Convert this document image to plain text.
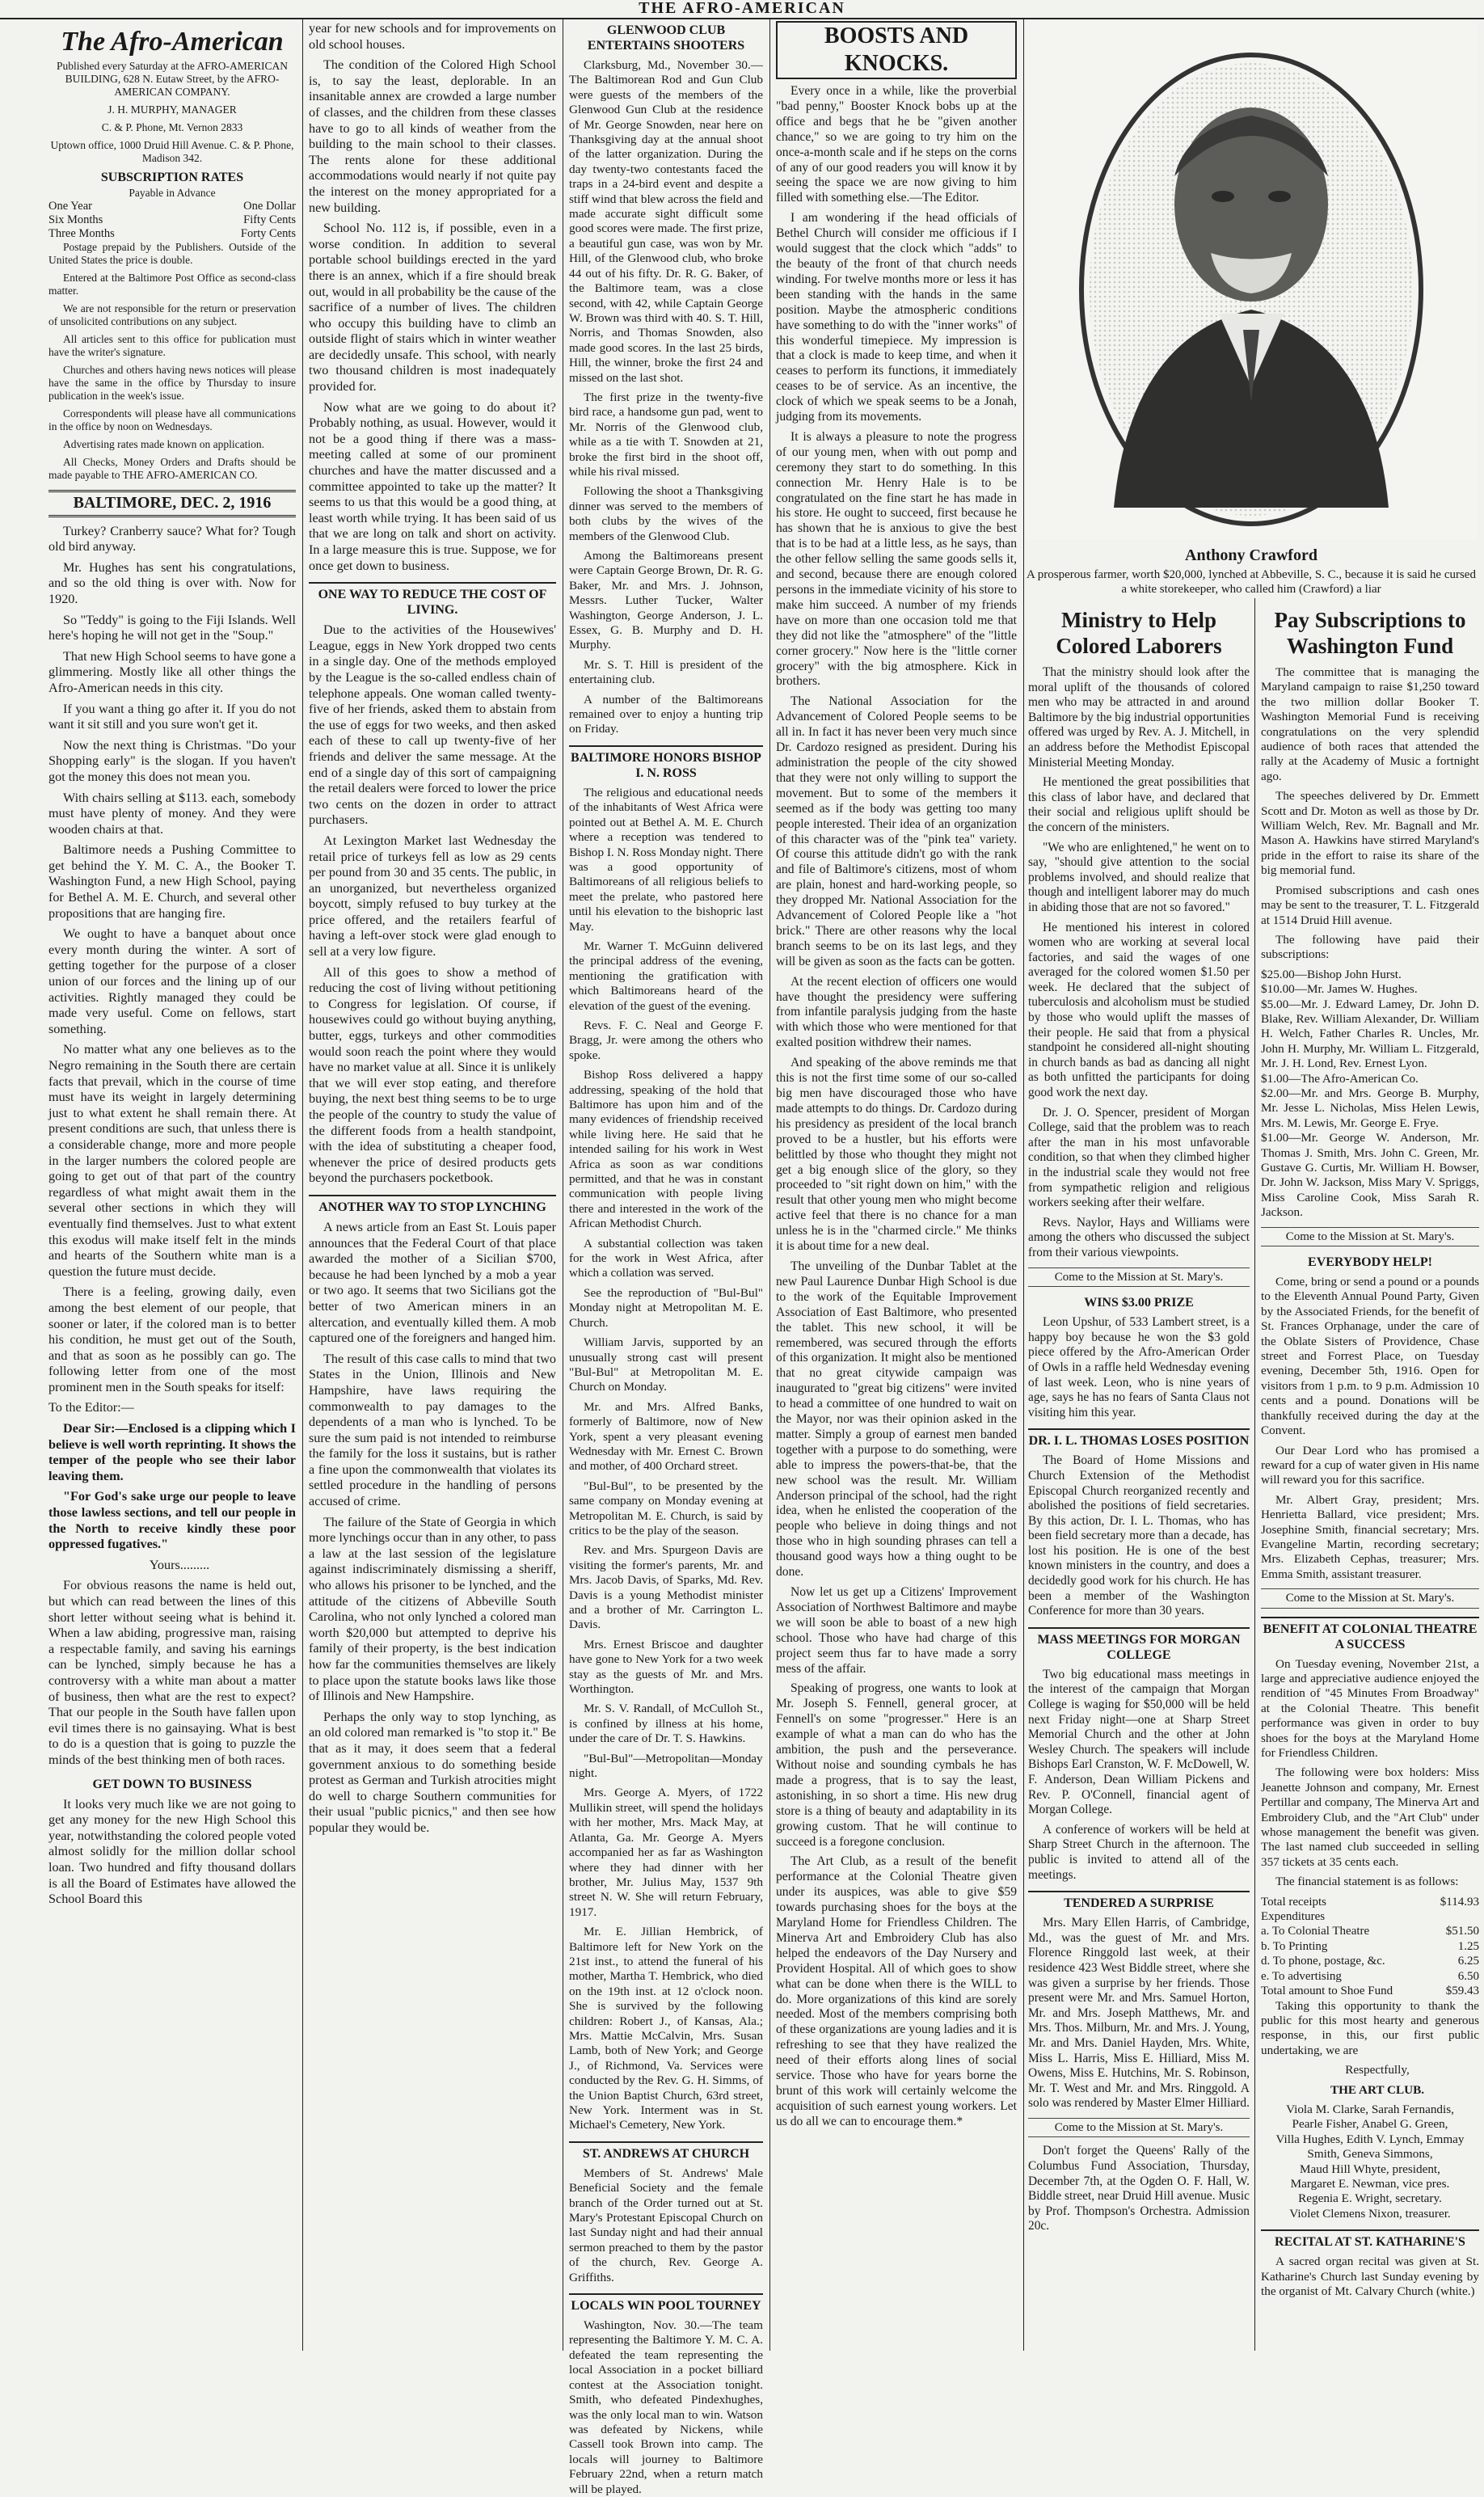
THE AFRO-AMERICAN
The Afro-American

Published every Saturday at the AFRO-AMERICAN BUILDING, 628 N. Eutaw Street, by the AFRO-AMERICAN COMPANY.

J. H. MURPHY, MANAGER

C. & P. Phone, Mt. Vernon 2833

Uptown office, 1000 Druid Hill Avenue. C. & P. Phone, Madison 342.

SUBSCRIPTION RATES
Payable in Advance
One Year	One Dollar
Six Months	Fifty Cents
Three Months	Forty Cents

Postage prepaid by the Publishers. Outside of the United States the price is double.

Entered at the Baltimore Post Office as second-class matter.

We are not responsible for the return or preservation of unsolicited contributions on any subject.

All articles sent to this office for publication must have the writer's signature.

Churches and others having news notices will please have the same in the office by Thursday to insure publication in the week's issue.

Correspondents will please have all communications in the office by noon on Wednesdays.

Advertising rates made known on application.

All Checks, Money Orders and Drafts should be made payable to THE AFRO-AMERICAN CO.

BALTIMORE, DEC. 2, 1916

Turkey? Cranberry sauce? What for? Tough old bird anyway.

Mr. Hughes has sent his congratulations, and so the old thing is over with. Now for 1920.

So "Teddy" is going to the Fiji Islands. Well here's hoping he will not get in the "Soup."

That new High School seems to have gone a glimmering. Mostly like all other things the Afro-American needs in this city.

If you want a thing go after it. If you do not want it sit still and you sure won't get it.

Now the next thing is Christmas. "Do your Shopping early" is the slogan. If you haven't got the money this does not mean you.

With chairs selling at $113. each, somebody must have plenty of money. And they were wooden chairs at that.

Baltimore needs a Pushing Committee to get behind the Y. M. C. A., the Booker T. Washington Fund, a new High School, paying for Bethel A. M. E. Church, and several other propositions that are hanging fire.

We ought to have a banquet about once every month during the winter. A sort of getting together for the purpose of a closer union of our forces and the lining up of our activities. Rightly managed they could be made very useful. Come on fellows, start something.

No matter what any one believes as to the Negro remaining in the South there are certain facts that prevail, which in the course of time must have its weight in largely determining just to what extent he shall remain there. At present conditions are such, that unless there is a considerable change, more and more people in the larger numbers the colored people are going to get out of that part of the country regardless of what might await them in the several other sections in which they will eventually find themselves. Just to what extent this exodus will make itself felt in the minds and hearts of the Southern white man is a question the future must decide.

There is a feeling, growing daily, even among the best element of our people, that sooner or later, if the colored man is to better his condition, he must get out of the South, and that as soon as he possibly can go. The following letter from one of the most prominent men in the South speaks for itself:

To the Editor:—

Dear Sir:—Enclosed is a clipping which I believe is well worth reprinting. It shows the temper of the people who see their labor leaving them.

"For God's sake urge our people to leave those lawless sections, and tell our people in the North to receive kindly these poor oppressed fugatives."

Yours.........

For obvious reasons the name is held out, but which can read between the lines of this short letter without seeing what is behind it. When a law abiding, progressive man, raising a respectable family, and saving his earnings can be lynched, simply because he has a controversy with a white man about a matter of business, then what are the rest to expect? That our people in the South have fallen upon evil times there is no gainsaying. What is best to do is a question that is going to puzzle the minds of the best thinking men of both races.

GET DOWN TO BUSINESS

It looks very much like we are not going to get any money for the new High School this year, notwithstanding the colored people voted almost solidly for the million dollar school loan. Two hundred and fifty thousand dollars is all the Board of Estimates have allowed the School Board this

year for new schools and for improvements on old school houses.

The condition of the Colored High School is, to say the least, deplorable. In an insanitable annex are crowded a large number of classes, and the children from these classes have to go to all kinds of weather from the building to the main school to their classes. The rents alone for these additional accommodations would nearly if not quite pay the interest on the money appropriated for a new building.

School No. 112 is, if possible, even in a worse condition. In addition to several portable school buildings erected in the yard there is an annex, which if a fire should break out, would in all probability be the cause of the sacrifice of a number of lives. The children who occupy this building have to climb an outside flight of stairs which in winter weather are decidedly unsafe. This school, with nearly two thousand children is most inadequately provided for.

Now what are we going to do about it? Probably nothing, as usual. However, would it not be a good thing if there was a mass-meeting called at some of our prominent churches and have the matter discussed and a committee appointed to take up the matter? It seems to us that this would be a good thing, at least worth while trying. It has been said of us that we are long on talk and short on activity. In a large measure this is true. Suppose, we for once get down to business.

ONE WAY TO REDUCE THE COST OF LIVING.

Due to the activities of the Housewives' League, eggs in New York dropped two cents in a single day. One of the methods employed by the League is the so-called endless chain of telephone appeals. One woman called twenty-five of her friends, asked them to abstain from the use of eggs for two weeks, and then asked each of these to call up twenty-five of her friends and deliver the same message. At the end of a single day of this sort of campaigning the retail dealers were forced to lower the price two cents on the dozen in order to attract purchasers.

At Lexington Market last Wednesday the retail price of turkeys fell as low as 29 cents per pound from 30 and 35 cents. The public, in an unorganized, but nevertheless organized boycott, simply refused to buy turkey at the price offered, and the retailers fearful of having a left-over stock were glad enough to sell at a very low figure.

All of this goes to show a method of reducing the cost of living without petitioning to Congress for legislation. Of course, if housewives could go without buying anything, butter, eggs, turkeys and other commodities would soon reach the point where they would have no market value at all. Since it is unlikely that we will ever stop eating, and therefore buying, the next best thing seems to be to urge the people of the country to study the value of the different foods from a health standpoint, with the idea of substituting a cheaper food, whenever the price of desired products gets beyond the purchasers pocketbook.

ANOTHER WAY TO STOP LYNCHING

A news article from an East St. Louis paper announces that the Federal Court of that place awarded the mother of a Sicilian $700, because he had been lynched by a mob a year or two ago. It seems that two Sicilians got the better of two American miners in an altercation, and eventually killed them. A mob captured one of the foreigners and hanged him.

The result of this case calls to mind that two States in the Union, Illinois and New Hampshire, have laws requiring the commonwealth to pay damages to the dependents of a man who is lynched. To be sure the sum paid is not intended to reimburse the family for the loss it sustains, but is rather a fine upon the commonwealth that violates its settled procedure in the handling of persons accused of crime.

The failure of the State of Georgia in which more lynchings occur than in any other, to pass a law at the last session of the legislature against indiscriminately dismissing a sheriff, who allows his prisoner to be lynched, and the attitude of the citizens of Abbeville South Carolina, who not only lynched a colored man worth $20,000 but attempted to deprive his family of their property, is the best indication how far the communities themselves are likely to place upon the statute books laws like those of Illinois and New Hampshire.

Perhaps the only way to stop lynching, as an old colored man remarked is "to stop it." Be that as it may, it does seem that a federal government anxious to do something beside protest as German and Turkish atrocities might do well to charge Southern communities for their usual "public picnics," and then see how popular they would be.

GLENWOOD CLUB ENTERTAINS SHOOTERS

Clarksburg, Md., November 30.—The Baltimorean Rod and Gun Club were guests of the members of the Glenwood Gun Club at the residence of Mr. George Snowden, near here on Thanksgiving day at the annual shoot of the latter organization. During the day twenty-two contestants faced the traps in a 24-bird event and despite a stiff wind that blew across the field and made accurate sight difficult some good scores were made. The first prize, a beautiful gun case, was won by Mr. Hill, of the Glenwood club, who broke 44 out of his fifty. Dr. R. G. Baker, of the Baltimore team, was a close second, with 42, while Captain George W. Brown was third with 40. S. T. Hill, Norris, and Thomas Snowden, also made good scores. In the last 25 birds, Hill, the winner, broke the first 24 and missed on the last shot.

The first prize in the twenty-five bird race, a handsome gun pad, went to Mr. Norris of the Glenwood club, while as a tie with T. Snowden at 21, broke the first bird in the shoot off, while his rival missed.

Following the shoot a Thanksgiving dinner was served to the members of both clubs by the wives of the members of the Glenwood Club.

Among the Baltimoreans present were Captain George Brown, Dr. R. G. Baker, Mr. and Mrs. J. Johnson, Messrs. Luther Tucker, Walter Washington, George Anderson, J. L. Essex, G. B. Murphy and D. H. Murphy.

Mr. S. T. Hill is president of the entertaining club.

A number of the Baltimoreans remained over to enjoy a hunting trip on Friday.

BALTIMORE HONORS BISHOP I. N. ROSS

The religious and educational needs of the inhabitants of West Africa were pointed out at Bethel A. M. E. Church where a reception was tendered to Bishop I. N. Ross Monday night. There was a good opportunity of Baltimoreans of all religious beliefs to meet the prelate, who pastored here until his elevation to the bishopric last May.

Mr. Warner T. McGuinn delivered the principal address of the evening, mentioning the gratification with which Baltimoreans heard of the elevation of the guest of the evening.

Revs. F. C. Neal and George F. Bragg, Jr. were among the others who spoke.

Bishop Ross delivered a happy addressing, speaking of the hold that Baltimore has upon him and of the many evidences of friendship received while living here. He said that he intended sailing for his work in West Africa as soon as war conditions permitted, and that he was in constant communication with people living there and interested in the work of the African Methodist Church.

A substantial collection was taken for the work in West Africa, after which a collation was served.

See the reproduction of "Bul-Bul" Monday night at Metropolitan M. E. Church.

William Jarvis, supported by an unusually strong cast will present "Bul-Bul" at Metropolitan M. E. Church on Monday.

Mr. and Mrs. Alfred Banks, formerly of Baltimore, now of New York, spent a very pleasant evening Wednesday with Mr. Ernest C. Brown and mother, of 400 Orchard street.

"Bul-Bul", to be presented by the same company on Monday evening at Metropolitan M. E. Church, is said by critics to be the play of the season.

Rev. and Mrs. Spurgeon Davis are visiting the former's parents, Mr. and Mrs. Jacob Davis, of Sparks, Md. Rev. Davis is a young Methodist minister and a brother of Mr. Carrington L. Davis.

Mrs. Ernest Briscoe and daughter have gone to New York for a two week stay as the guests of Mr. and Mrs. Worthington.

Mr. S. V. Randall, of McCulloh St., is confined by illness at his home, under the care of Dr. T. S. Hawkins.

"Bul-Bul"—Metropolitan—Monday night.

Mrs. George A. Myers, of 1722 Mullikin street, will spend the holidays with her mother, Mrs. Mack May, at Atlanta, Ga. Mr. George A. Myers accompanied her as far as Washington where they had dinner with her brother, Mr. Julius May, 1537 9th street N. W. She will return February, 1917.

Mr. E. Jillian Hembrick, of Baltimore left for New York on the 21st inst., to attend the funeral of his mother, Martha T. Hembrick, who died on the 19th inst. at 12 o'clock noon. She is survived by the following children: Robert J., of Kansas, Ala.; Mrs. Mattie McCalvin, Mrs. Susan Lamb, both of New York; and George J., of Richmond, Va. Services were conducted by the Rev. G. H. Simms, of the Union Baptist Church, 63rd street, New York. Interment was in St. Michael's Cemetery, New York.

ST. ANDREWS AT CHURCH

Members of St. Andrews' Male Beneficial Society and the female branch of the Order turned out at St. Mary's Protestant Episcopal Church on last Sunday night and had their annual sermon preached to them by the pastor of the church, Rev. George A. Griffiths.

LOCALS WIN POOL TOURNEY

Washington, Nov. 30.—The team representing the Baltimore Y. M. C. A. defeated the team representing the local Association in a pocket billiard contest at the Association tonight. Smith, who defeated Pindexhughes, was the only local man to win. Watson was defeated by Nickens, while Cassell took Brown into camp. The locals will journey to Baltimore February 22nd, when a return match will be played.

BOOSTS AND KNOCKS.

Every once in a while, like the proverbial "bad penny," Booster Knock bobs up at the office and begs that he be "given another chance," so we are going to try him on the once-a-month scale and if he steps on the corns of any of our good readers you will know it by seeing the space we are now giving to him filled with something else.—The Editor.

I am wondering if the head officials of Bethel Church will consider me officious if I would suggest that the clock which "adds" to the beauty of the front of that church needs winding. For twelve months more or less it has been standing with the hands in the same position. Maybe the atmospheric conditions have something to do with the "inner works" of this wonderful timepiece. My impression is that a clock is made to keep time, and when it ceases to perform its functions, it immediately ceases to be of service. As an incentive, the clock of which we speak seems to be a Jonah, judging from its movements.

It is always a pleasure to note the progress of our young men, when with out pomp and ceremony they start to do something. In this connection Mr. Henry Hale is to be congratulated on the fine start he has made in his store. He ought to succeed, first because he has shown that he is anxious to give the best that is to be had at a little less, as he says, than the other fellow selling the same goods sells it, and second, because there are enough colored persons in the immediate vicinity of his store to make him succeed. A number of my friends have on more than one occasion told me that they did not like the "atmosphere" of the "little corner grocery." Now here is the "little corner grocery" with the big atmosphere. Kick in brothers.

The National Association for the Advancement of Colored People seems to be all in. In fact it has never been very much since Dr. Cardozo resigned as president. During his administration the people of the city showed that they were not only willing to support the movement. But to some of the members it seemed as if the body was getting too many people interested. Their idea of an organization of this character was of the "pink tea" variety. Of course this attitude didn't go with the rank and file of Baltimore's citizens, most of whom are plain, honest and hard-working people, so they dropped Mr. National Association for the Advancement of Colored People like a "hot brick." There are other reasons why the local branch seems to be on its last legs, and they will be given as soon as the facts can be gotten.

At the recent election of officers one would have thought the presidency were suffering from infantile paralysis judging from the haste with which those who were mentioned for that exalted position withdrew their names.

And speaking of the above reminds me that this is not the first time some of our so-called big men have discouraged those who have made attempts to do things. Dr. Cardozo during his presidency as president of the local branch proved to be a hustler, but his efforts were belittled by those who thought they might not get a big enough slice of the glory, so they proceeded to "sit right down on him," with the result that other young men who might become active feel that there is no chance for a man unless he is in the "charmed circle." Me thinks it is about time for a new deal.

The unveiling of the Dunbar Tablet at the new Paul Laurence Dunbar High School is due to the work of the Equitable Improvement Association of East Baltimore, who presented the tablet. This new school, it will be remembered, was secured through the efforts of this organization. It might also be mentioned that no great citywide campaign was inaugurated to "great big citizens" were invited to head a committee of one hundred to wait on the Mayor, nor was their opinion asked in the matter. Simply a group of earnest men banded together with a purpose to do something, were able to impress the powers-that-be, that the new school was the result. Mr. William Anderson principal of the school, had the right idea, when he enlisted the cooperation of the people who believe in doing things and not those who in high sounding phrases can tell a thousand good ways how a thing ought to be done.

Now let us get up a Citizens' Improvement Association of Northwest Baltimore and maybe we will soon be able to boast of a new high school. Those who have had charge of this project seem thus far to have made a sorry mess of the affair.

Speaking of progress, one wants to look at Mr. Joseph S. Fennell, general grocer, at Fennell's on some "progresser." Here is an example of what a man can do who has the ambition, the push and the perseverance. Without noise and sounding cymbals he has made a progress, that is to say the least, astonishing, in so short a time. His new drug store is a thing of beauty and adaptability in its growing custom. That he will continue to succeed is a foregone conclusion.

The Art Club, as a result of the benefit performance at the Colonial Theatre given under its auspices, was able to give $59 towards purchasing shoes for the boys at the Maryland Home for Friendless Children. The Minerva Art and Embroidery Club has also helped the endeavors of the Day Nursery and Provident Hospital. All of which goes to show what can be done when there is the WILL to do. More organizations of this kind are sorely needed. Most of the members comprising both of these organizations are young ladies and it is refreshing to see that they have realized the need of their efforts along lines of social service. Those who have for years borne the brunt of this work will certainly welcome the acquisition of such earnest young workers. Let us do all we can to encourage them.*

Anthony Crawford
A prosperous farmer, worth $20,000, lynched at Abbeville, S. C., because it is said he cursed a white storekeeper, who called him (Crawford) a liar
Ministry to Help Colored Laborers

That the ministry should look after the moral uplift of the thousands of colored men who may be attracted in and around Baltimore by the big industrial opportunities offered was urged by Rev. A. J. Mitchell, in an address before the Methodist Episcopal Ministerial Meeting Monday.

He mentioned the great possibilities that this class of labor have, and declared that their social and religious uplift should be the concern of the ministers.

"We who are enlightened," he went on to say, "should give attention to the social problems involved, and should realize that though and intelligent laborer may do much in abiding those that are not so favored."

He mentioned his interest in colored women who are working at several local factories, and said the wages of one averaged for the colored women $1.50 per week. He declared that the subject of tuberculosis and alcoholism must be studied by those who would uplift the masses of their people. He said that from a physical standpoint he considered all-night shouting in church bands as bad as dancing all night as both unfitted the participants for doing good work the next day.

Dr. J. O. Spencer, president of Morgan College, said that the problem was to reach after the man in his most unfavorable condition, so that when they climbed higher in the industrial scale they would not free from sympathetic religion and religious workers seeking after their welfare.

Revs. Naylor, Hays and Williams were among the others who discussed the subject from their various viewpoints.

Come to the Mission at St. Mary's.
WINS $3.00 PRIZE

Leon Upshur, of 533 Lambert street, is a happy boy because he won the $3 gold piece offered by the Afro-American Order of Owls in a raffle held Wednesday evening of last week. Leon, who is nine years of age, says he has no fears of Santa Claus not visiting him this year.

DR. I. L. THOMAS LOSES POSITION

The Board of Home Missions and Church Extension of the Methodist Episcopal Church reorganized recently and abolished the positions of field secretaries. By this action, Dr. I. L. Thomas, who has been field secretary more than a decade, has lost his position. He is one of the best known ministers in the country, and does a decidedly good work for his church. He has been a member of the Washington Conference for more than 30 years.

MASS MEETINGS FOR MORGAN COLLEGE

Two big educational mass meetings in the interest of the campaign that Morgan College is waging for $50,000 will be held next Friday night—one at Sharp Street Memorial Church and the other at John Wesley Church. The speakers will include Bishops Earl Cranston, W. F. McDowell, W. F. Anderson, Dean William Pickens and Rev. P. O'Connell, financial agent of Morgan College.

A conference of workers will be held at Sharp Street Church in the afternoon. The public is invited to attend all of the meetings.

TENDERED A SURPRISE

Mrs. Mary Ellen Harris, of Cambridge, Md., was the guest of Mr. and Mrs. Florence Ringgold last week, at their residence 423 West Biddle street, where she was given a surprise by her friends. Those present were Mr. and Mrs. Samuel Horton, Mr. and Mrs. Joseph Matthews, Mr. and Mrs. Thos. Milburn, Mr. and Mrs. J. Young, Mr. and Mrs. Daniel Hayden, Mrs. White, Miss L. Harris, Miss E. Hilliard, Miss M. Owens, Miss E. Hutchins, Mr. S. Robinson, Mr. T. West and Mr. and Mrs. Ringgold. A solo was rendered by Master Elmer Hilliard.

Come to the Mission at St. Mary's.

Don't forget the Queens' Rally of the Columbus Fund Association, Thursday, December 7th, at the Ogden O. F. Hall, W. Biddle street, near Druid Hill avenue. Music by Prof. Thompson's Orchestra. Admission 20c.

Pay Subscriptions to Washington Fund

The committee that is managing the Maryland campaign to raise $1,250 toward the two million dollar Booker T. Washington Memorial Fund is receiving congratulations on the very splendid audience of both races that attended the rally at the Academy of Music a fortnight ago.

The speeches delivered by Dr. Emmett Scott and Dr. Moton as well as those by Dr. William Welch, Rev. Mr. Bagnall and Mr. Mason A. Hawkins have stirred Maryland's pride in the effort to raise its share of the big memorial fund.

Promised subscriptions and cash ones may be sent to the treasurer, T. L. Fitzgerald at 1514 Druid Hill avenue.

The following have paid their subscriptions:

$25.00—Bishop John Hurst.

$10.00—Mr. James W. Hughes.

$5.00—Mr. J. Edward Lamey, Dr. John D. Blake, Rev. William Alexander, Dr. William H. Welch, Father Charles R. Uncles, Mr. John H. Murphy, Mr. William L. Fitzgerald, Mr. J. H. Lond, Rev. Ernest Lyon.

$1.00—The Afro-American Co.

$2.00—Mr. and Mrs. George B. Murphy, Mr. Jesse L. Nicholas, Miss Helen Lewis, Mrs. M. Lewis, Mr. George E. Frye.

$1.00—Mr. George W. Anderson, Mr. Thomas J. Smith, Mrs. John C. Green, Mr. Gustave G. Curtis, Mr. William H. Bowser, Dr. John W. Jackson, Miss Mary V. Spriggs, Miss Caroline Cook, Miss Sarah R. Jackson.

Come to the Mission at St. Mary's.
EVERYBODY HELP!

Come, bring or send a pound or a pounds to the Eleventh Annual Pound Party, Given by the Associated Friends, for the benefit of St. Frances Orphanage, under the care of the Oblate Sisters of Providence, Chase street and Forrest Place, on Tuesday evening, December 5th, 1916. Open for visitors from 1 p.m. to 9 p.m. Admission 10 cents and a pound. Donations will be thankfully received during the day at the Convent.

Our Dear Lord who has promised a reward for a cup of water given in His name will reward you for this sacrifice.

Mr. Albert Gray, president; Mrs. Henrietta Ballard, vice president; Mrs. Josephine Smith, financial secretary; Mrs. Evangeline Martin, recording secretary; Mrs. Elizabeth Cephas, treasurer; Mrs. Emma Smith, assistant treasurer.

Come to the Mission at St. Mary's.
BENEFIT AT COLONIAL THEATRE A SUCCESS

On Tuesday evening, November 21st, a large and appreciative audience enjoyed the rendition of "45 Minutes From Broadway" at the Colonial Theatre. This benefit performance was given in order to buy shoes for the boys at the Maryland Home for Friendless Children.

The following were box holders: Miss Jeanette Johnson and company, Mr. Ernest Pertillar and company, The Minerva Art and Embroidery Club, and the "Art Club" under whose management the benefit was given. The last named club succeeded in selling 357 tickets at 35 cents each.

The financial statement is as follows:

Total receipts	$114.93
Expenditures	
a. To Colonial Theatre	$51.50
b. To Printing	1.25
d. To phone, postage, &c.	6.25
e. To advertising	6.50
Total amount to Shoe Fund	$59.43

Taking this opportunity to thank the public for this most hearty and generous response, in this, our first public undertaking, we are

Respectfully,

THE ART CLUB.

Viola M. Clarke, Sarah Fernandis,

Pearle Fisher, Anabel G. Green,

Villa Hughes, Edith V. Lynch, Emmay Smith, Geneva Simmons,

Maud Hill Whyte, president,

Margaret E. Newman, vice pres.

Regenia E. Wright, secretary.

Violet Clemens Nixon, treasurer.

RECITAL AT ST. KATHARINE'S

A sacred organ recital was given at St. Katharine's Church last Sunday evening by the organist of Mt. Calvary Church (white.)
